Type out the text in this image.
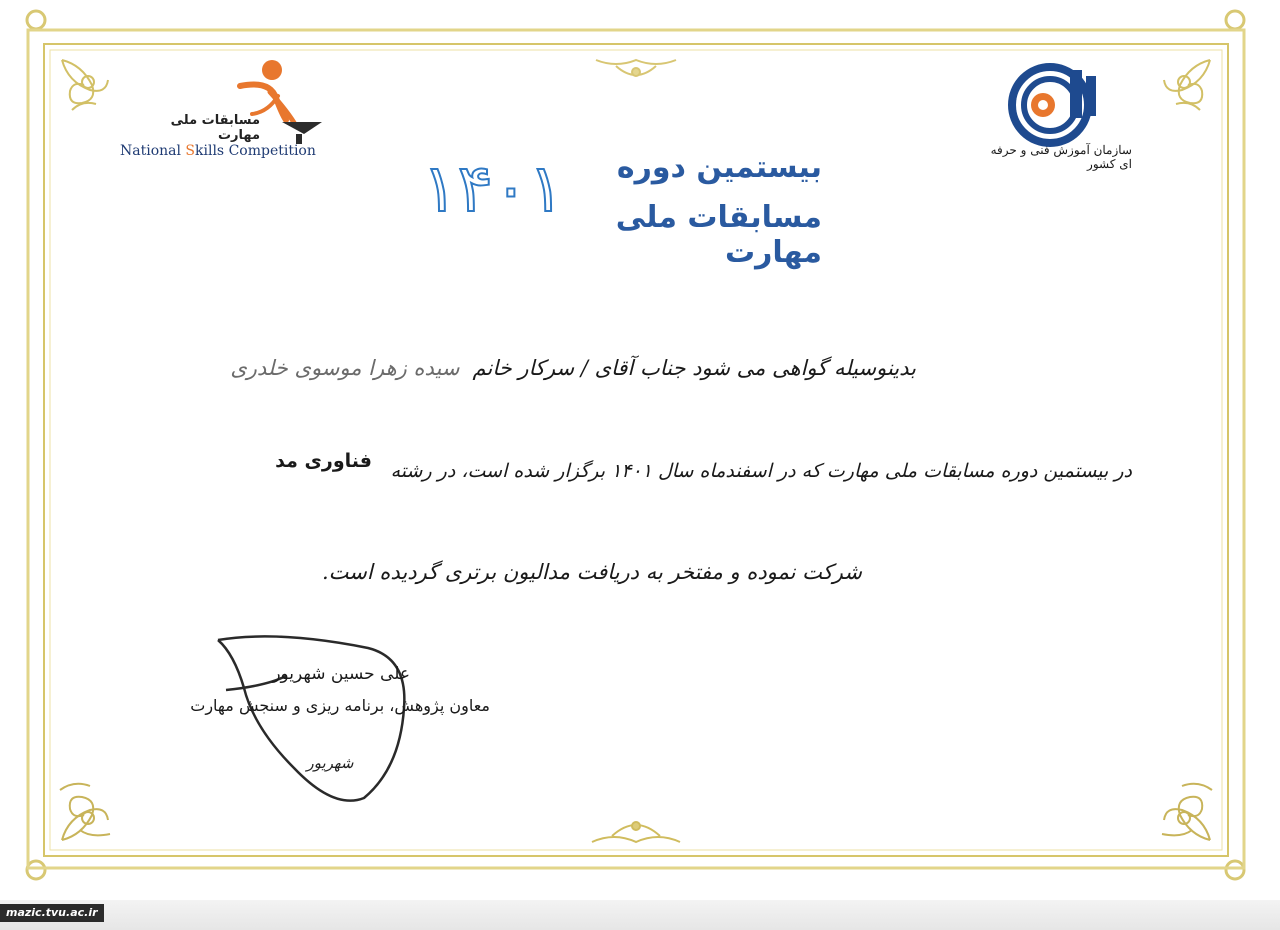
سازمان آموزش فنی و حرفه ای کشور
مسابقات ملی مهارت
National Skills Competition	بیستمین دوره
مسابقات ملی مهارت
۱۴۰۱
بدینوسیله گواهی می شود جناب آقای / سرکار خانم سیده زهرا موسوی خلدری
در بیستمین دوره مسابقات ملی مهارت که در اسفندماه سال ۱۴۰۱ برگزار شده است، در رشته
فناوری مد
شرکت نموده و مفتخر به دریافت مدالیون برتری گردیده است.
علی حسین شهریور
معاون پژوهش، برنامه ریزی و سنجش مهارت
شهریور
mazic.tvu.ac.ir
